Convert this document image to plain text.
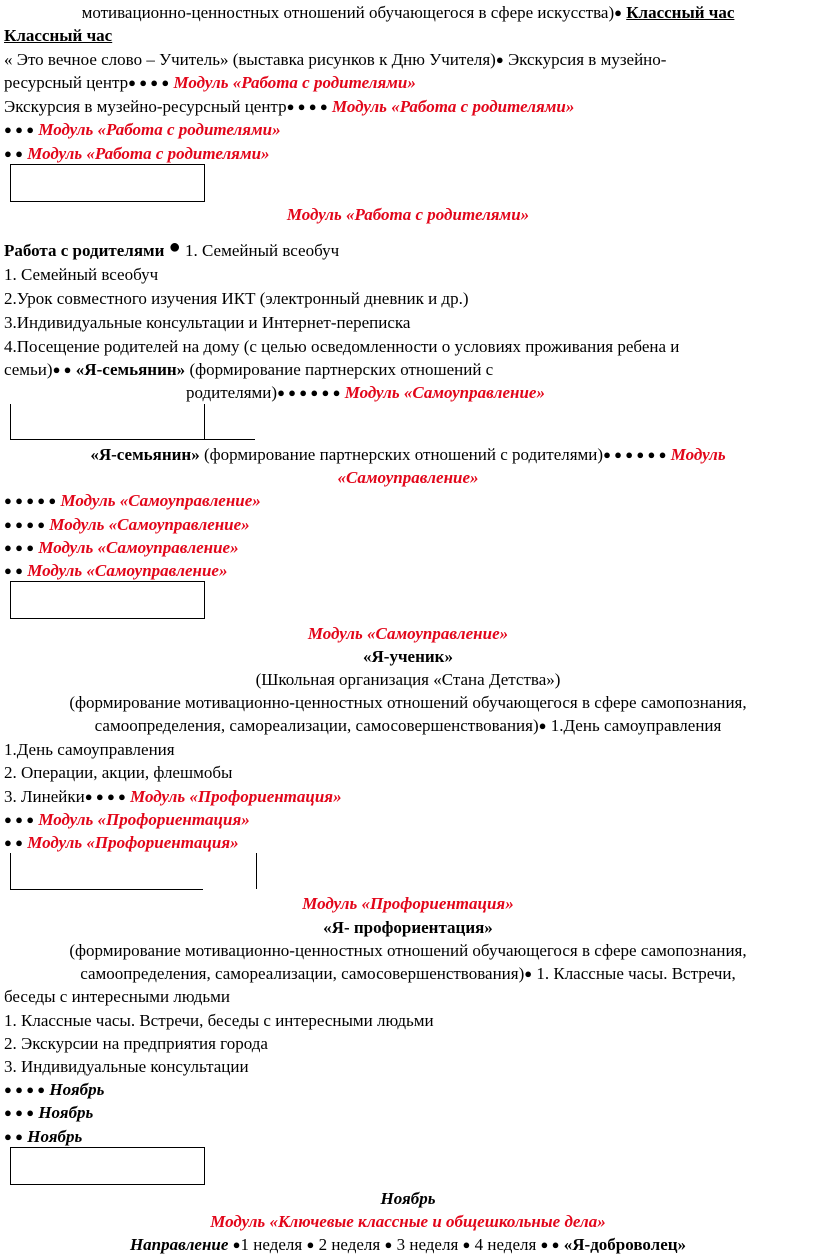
мотивационно-ценностных отношений обучающегося в сфере искусства)● Классный час
Классный час
« Это вечное слово – Учитель» (выставка рисунков к Дню Учителя)● Экскурсия в музейно-
ресурсный центр● ● ● ● Модуль «Работа с родителями»
Экскурсия в музейно-ресурсный центр● ● ● ● Модуль «Работа с родителями»
● ● ● Модуль «Работа с родителями»
● ● Модуль «Работа с родителями»
Модуль «Работа с родителями»
Работа с родителями ● 1. Семейный всеобуч
1. Семейный всеобуч
2.Урок совместного изучения ИКТ (электронный дневник и др.)
3.Индивидуальные консультации и Интернет-переписка
4.Посещение родителей на дому (с целью осведомленности о условиях проживания ребена и
семьи)● ● «Я-семьянин» (формирование партнерских отношений с
родителями)● ● ● ● ● ● Модуль «Самоуправление»
«Я-семьянин» (формирование партнерских отношений с родителями)● ● ● ● ● ● Модуль
«Самоуправление»
● ● ● ● ● Модуль «Самоуправление»
● ● ● ● Модуль «Самоуправление»
● ● ● Модуль «Самоуправление»
● ● Модуль «Самоуправление»
Модуль «Самоуправление»
«Я-ученик»
(Школьная организация «Стана Детства»)
(формирование мотивационно-ценностных отношений обучающегося в сфере самопознания,
самоопределения, самореализации, самосовершенствования)● 1.День самоуправления
1.День самоуправления
2. Операции, акции, флешмобы
3. Линейки● ● ● ● Модуль «Профориентация»
● ● ● Модуль «Профориентация»
● ● Модуль «Профориентация»
Модуль «Профориентация»
«Я- профориентация»
(формирование мотивационно-ценностных отношений обучающегося в сфере самопознания,
самоопределения, самореализации, самосовершенствования)● 1. Классные часы. Встречи,
беседы с интересными людьми
1. Классные часы. Встречи, беседы с интересными людьми
2. Экскурсии на предприятия города
3. Индивидуальные консультации
● ● ● ● Ноябрь
● ● ● Ноябрь
● ● Ноябрь
Ноябрь
Модуль «Ключевые классные и общешкольные дела»
Направление ●1 неделя ● 2 неделя ● 3 неделя ● 4 неделя ● ● «Я-доброволец»
